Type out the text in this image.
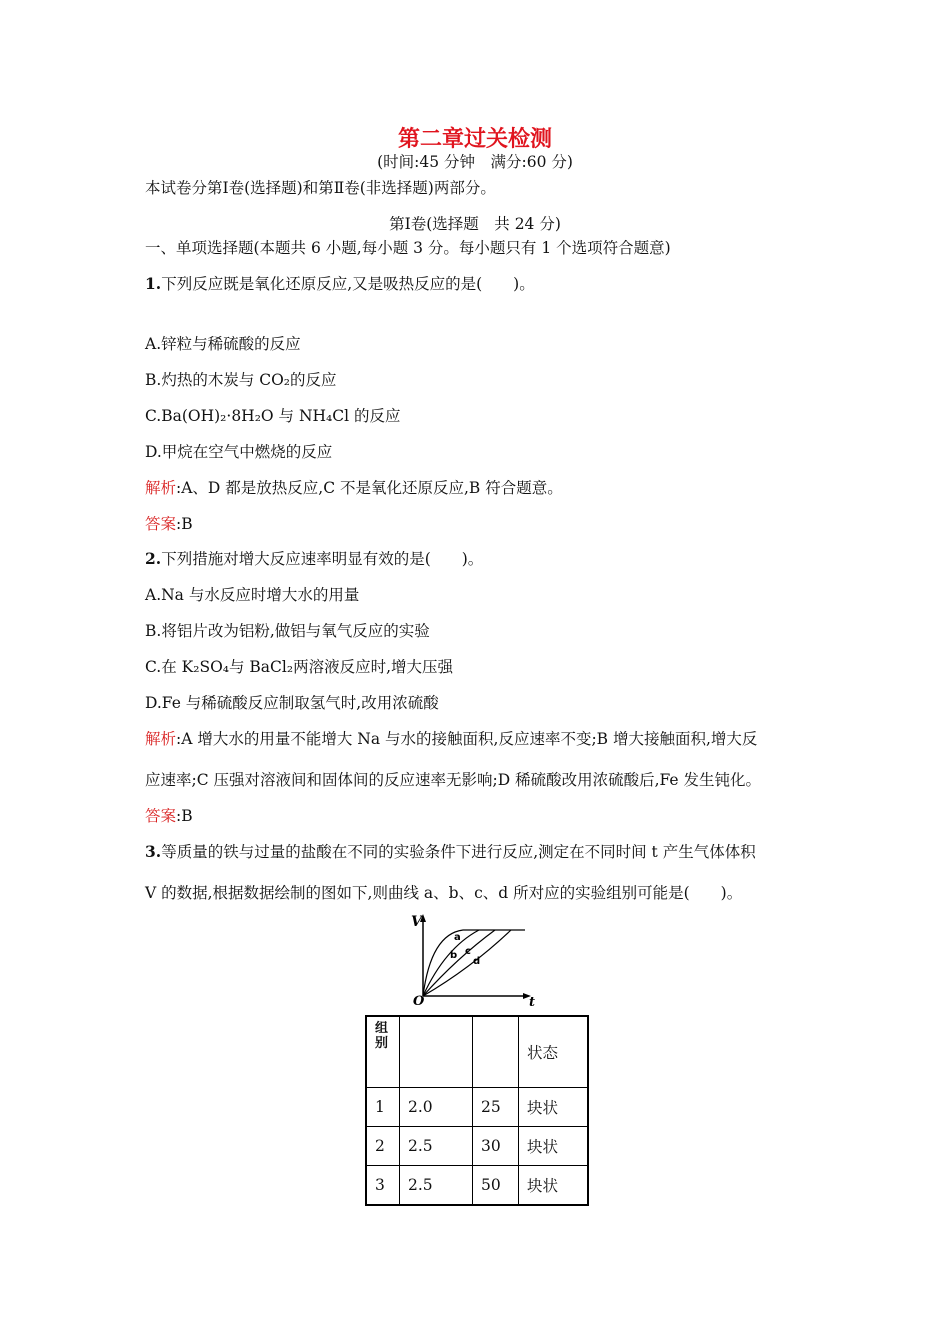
第二章过关检测
(时间:45 分钟　满分:60 分)
本试卷分第Ⅰ卷(选择题)和第Ⅱ卷(非选择题)两部分。
第Ⅰ卷(选择题　共 24 分)
一、单项选择题(本题共 6 小题,每小题 3 分。每小题只有 1 个选项符合题意)
1.下列反应既是氧化还原反应,又是吸热反应的是(　　)。
A.锌粒与稀硫酸的反应
B.灼热的木炭与 CO₂的反应
C.Ba(OH)₂·8H₂O 与 NH₄Cl 的反应
D.甲烷在空气中燃烧的反应
解析:A、D 都是放热反应,C 不是氧化还原反应,B 符合题意。
答案:B
2.下列措施对增大反应速率明显有效的是(　　)。
A.Na 与水反应时增大水的用量
B.将铝片改为铝粉,做铝与氧气反应的实验
C.在 K₂SO₄与 BaCl₂两溶液反应时,增大压强
D.Fe 与稀硫酸反应制取氢气时,改用浓硫酸
解析:A 增大水的用量不能增大 Na 与水的接触面积,反应速率不变;B 增大接触面积,增大反
应速率;C 压强对溶液间和固体间的反应速率无影响;D 稀硫酸改用浓硫酸后,Fe 发生钝化。
答案:B
3.等质量的铁与过量的盐酸在不同的实验条件下进行反应,测定在不同时间 t 产生气体体积
V 的数据,根据数据绘制的图如下,则曲线 a、b、c、d 所对应的实验组别可能是(　　)。
V
t
O
a
b c
d
组别			状态
1	2.0	25	块状
2	2.5	30	块状
3	2.5	50	块状
